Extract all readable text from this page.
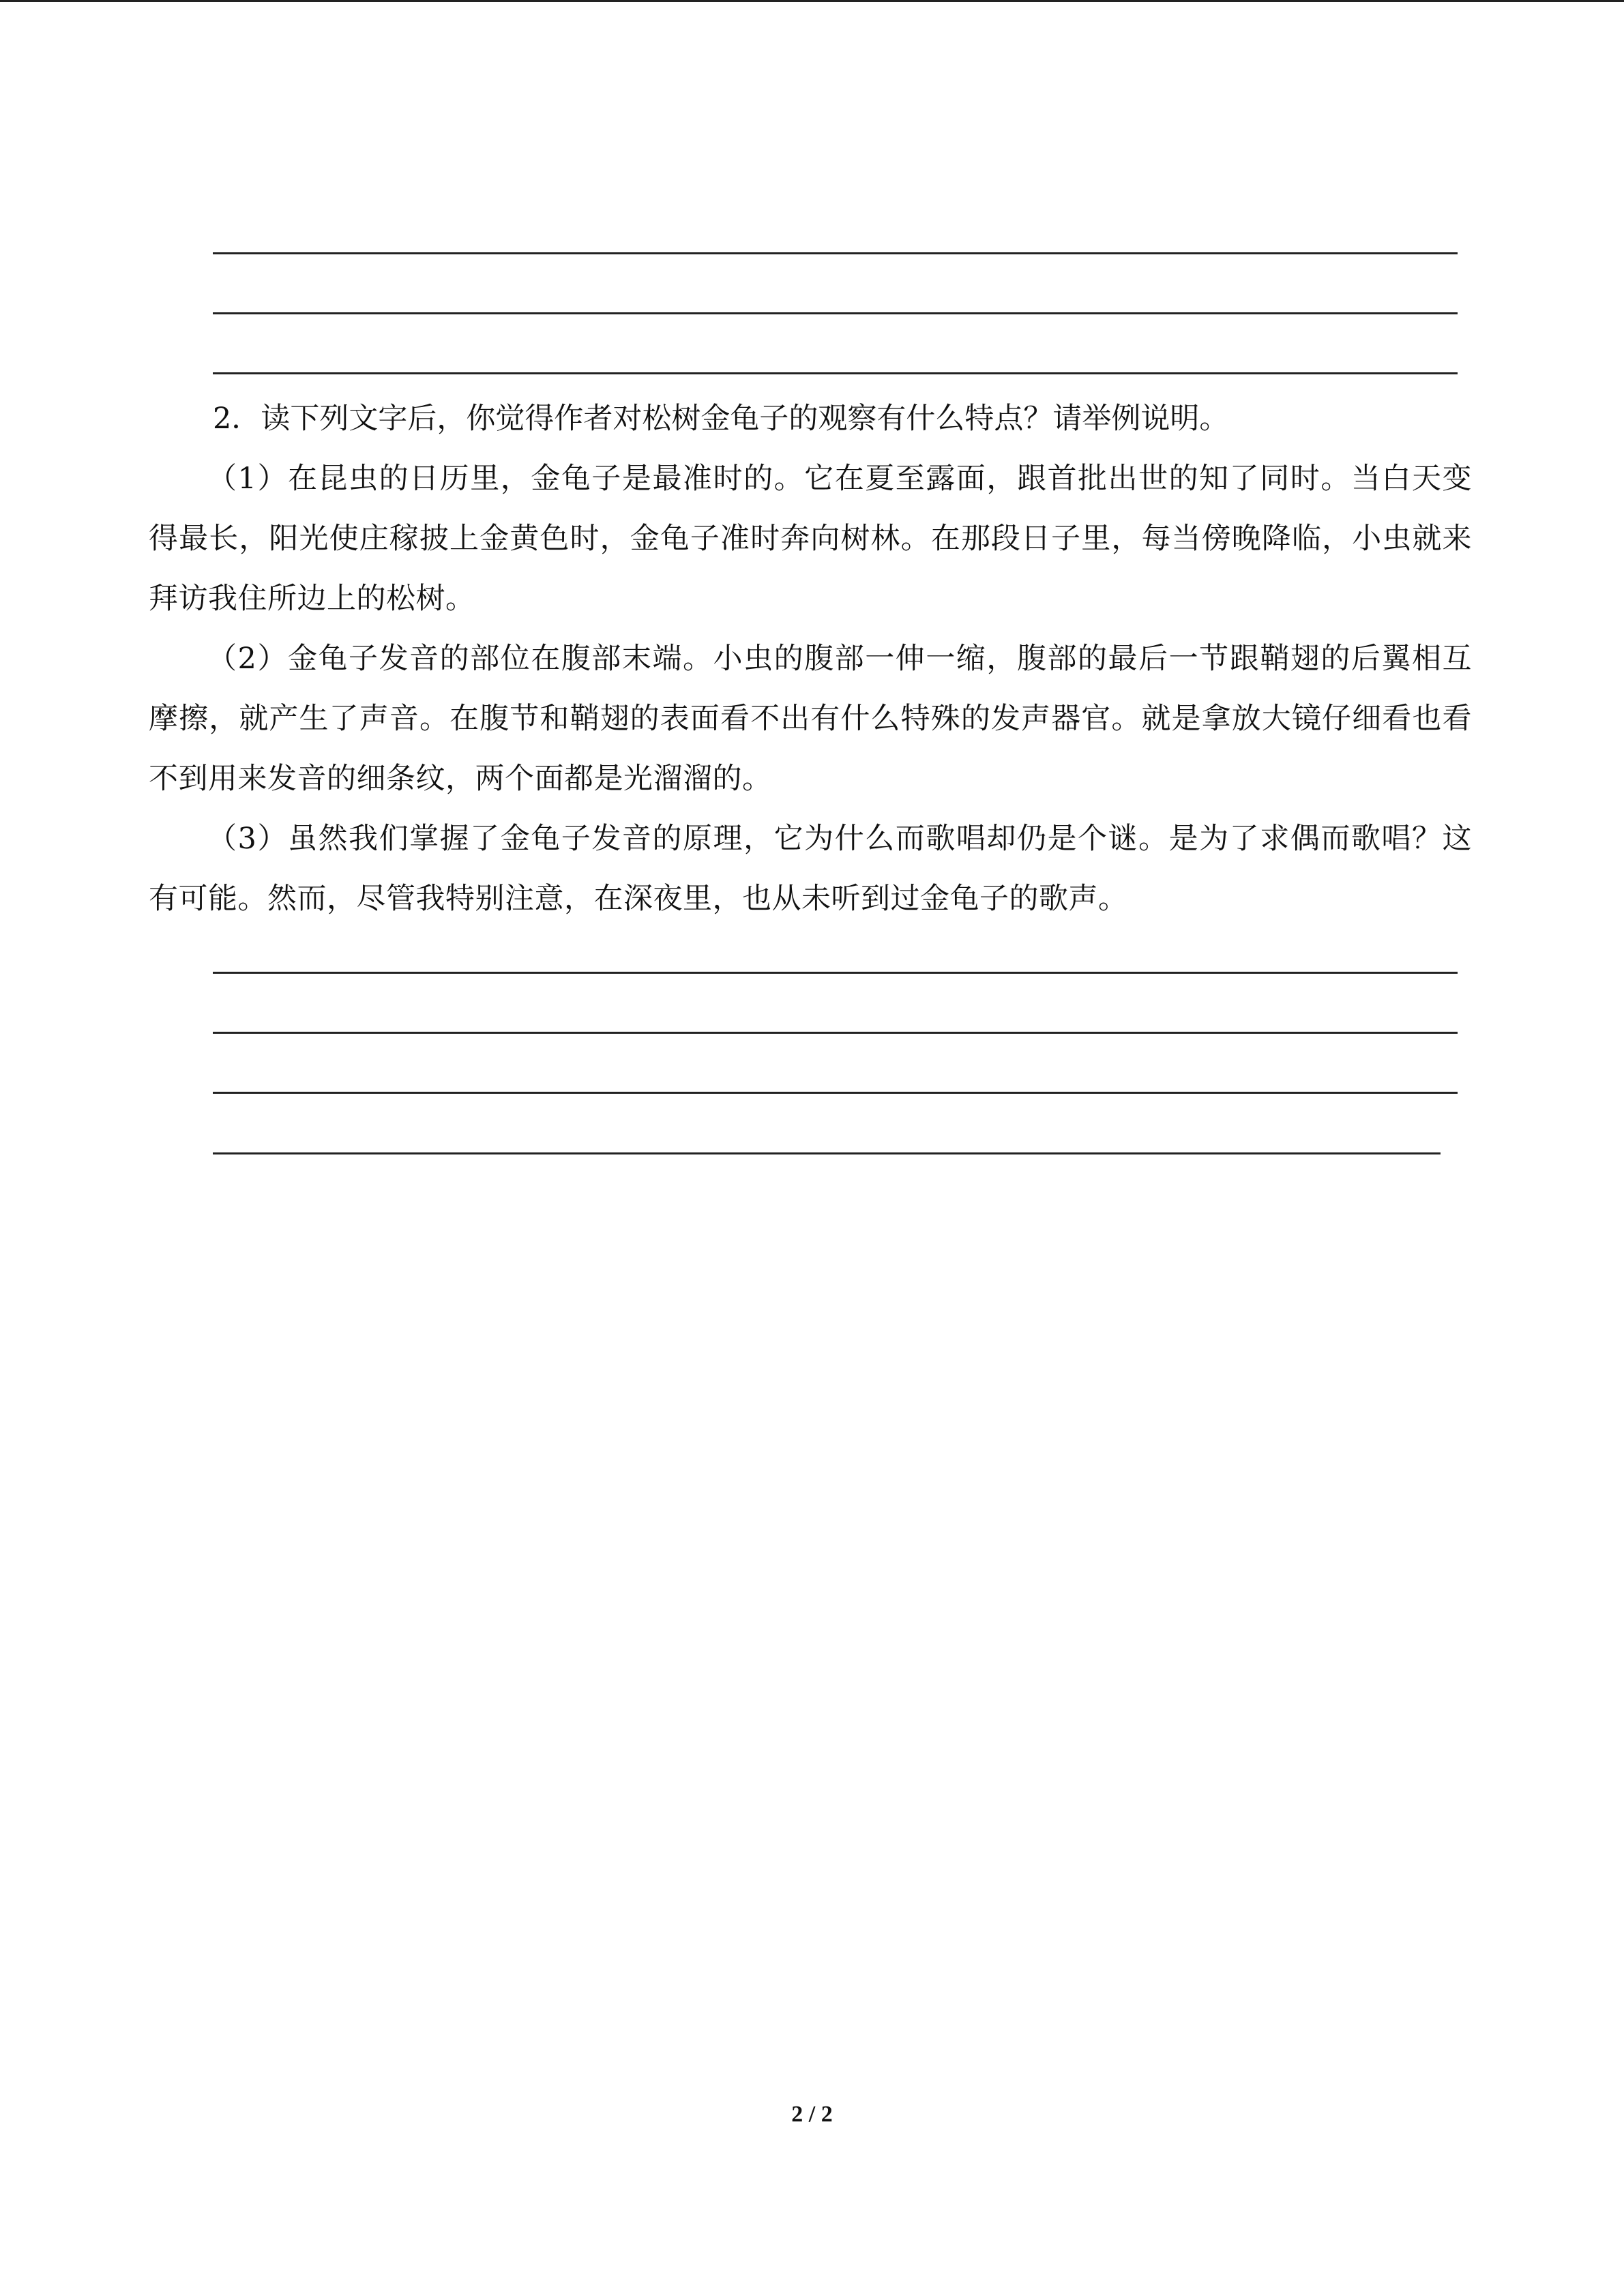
2．读下列文字后，你觉得作者对松树金龟子的观察有什么特点？请举例说明。

（1）在昆虫的日历里，金龟子是最准时的。它在夏至露面，跟首批出世的知了同时。当白天变得最长，阳光使庄稼披上金黄色时，金龟子准时奔向树林。在那段日子里，每当傍晚降临，小虫就来拜访我住所边上的松树。

（2）金龟子发音的部位在腹部末端。小虫的腹部一伸一缩，腹部的最后一节跟鞘翅的后翼相互摩擦，就产生了声音。在腹节和鞘翅的表面看不出有什么特殊的发声器官。就是拿放大镜仔细看也看不到用来发音的细条纹，两个面都是光溜溜的。

（3）虽然我们掌握了金龟子发音的原理，它为什么而歌唱却仍是个谜。是为了求偶而歌唱？这有可能。然而，尽管我特别注意，在深夜里，也从未听到过金龟子的歌声。

2 / 2
